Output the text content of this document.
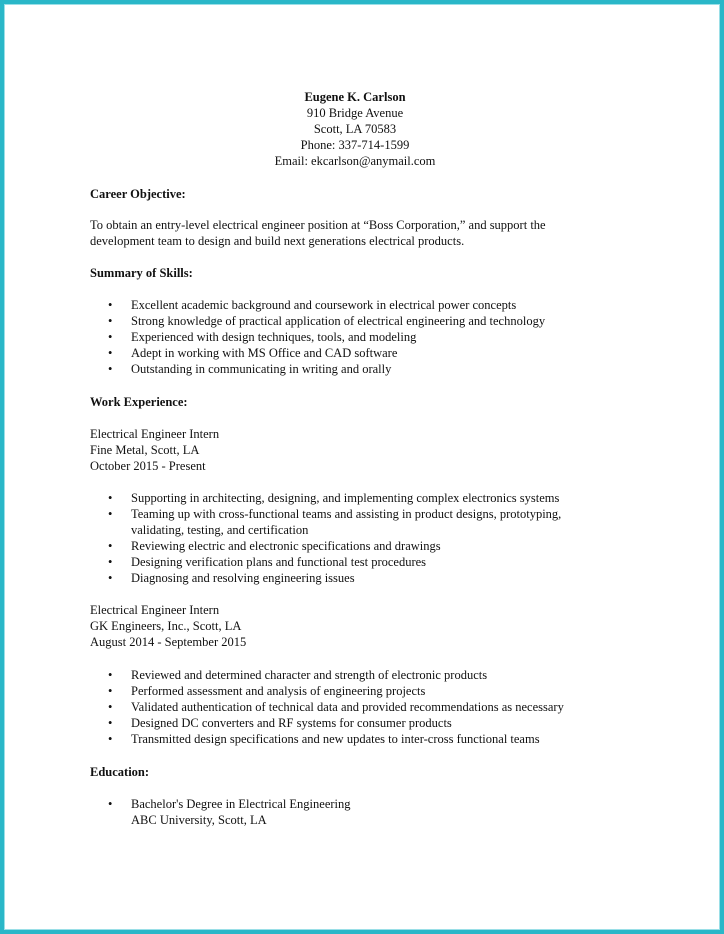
Eugene K. Carlson
910 Bridge Avenue
Scott, LA 70583
Phone: 337-714-1599
Email: ekcarlson@anymail.com
Career Objective:
To obtain an entry-level electrical engineer position at “Boss Corporation,” and support the
development team to design and build next generations electrical products.
Summary of Skills:
• Excellent academic background and coursework in electrical power concepts
• Strong knowledge of practical application of electrical engineering and technology
• Experienced with design techniques, tools, and modeling
• Adept in working with MS Office and CAD software
• Outstanding in communicating in writing and orally
Work Experience:
Electrical Engineer Intern
Fine Metal, Scott, LA
October 2015 - Present
• Supporting in architecting, designing, and implementing complex electronics systems
• Teaming up with cross-functional teams and assisting in product designs, prototyping,
validating, testing, and certification
• Reviewing electric and electronic specifications and drawings
• Designing verification plans and functional test procedures
• Diagnosing and resolving engineering issues
Electrical Engineer Intern
GK Engineers, Inc., Scott, LA
August 2014 - September 2015
• Reviewed and determined character and strength of electronic products
• Performed assessment and analysis of engineering projects
• Validated authentication of technical data and provided recommendations as necessary
• Designed DC converters and RF systems for consumer products
• Transmitted design specifications and new updates to inter-cross functional teams
Education:
• Bachelor's Degree in Electrical Engineering
ABC University, Scott, LA
